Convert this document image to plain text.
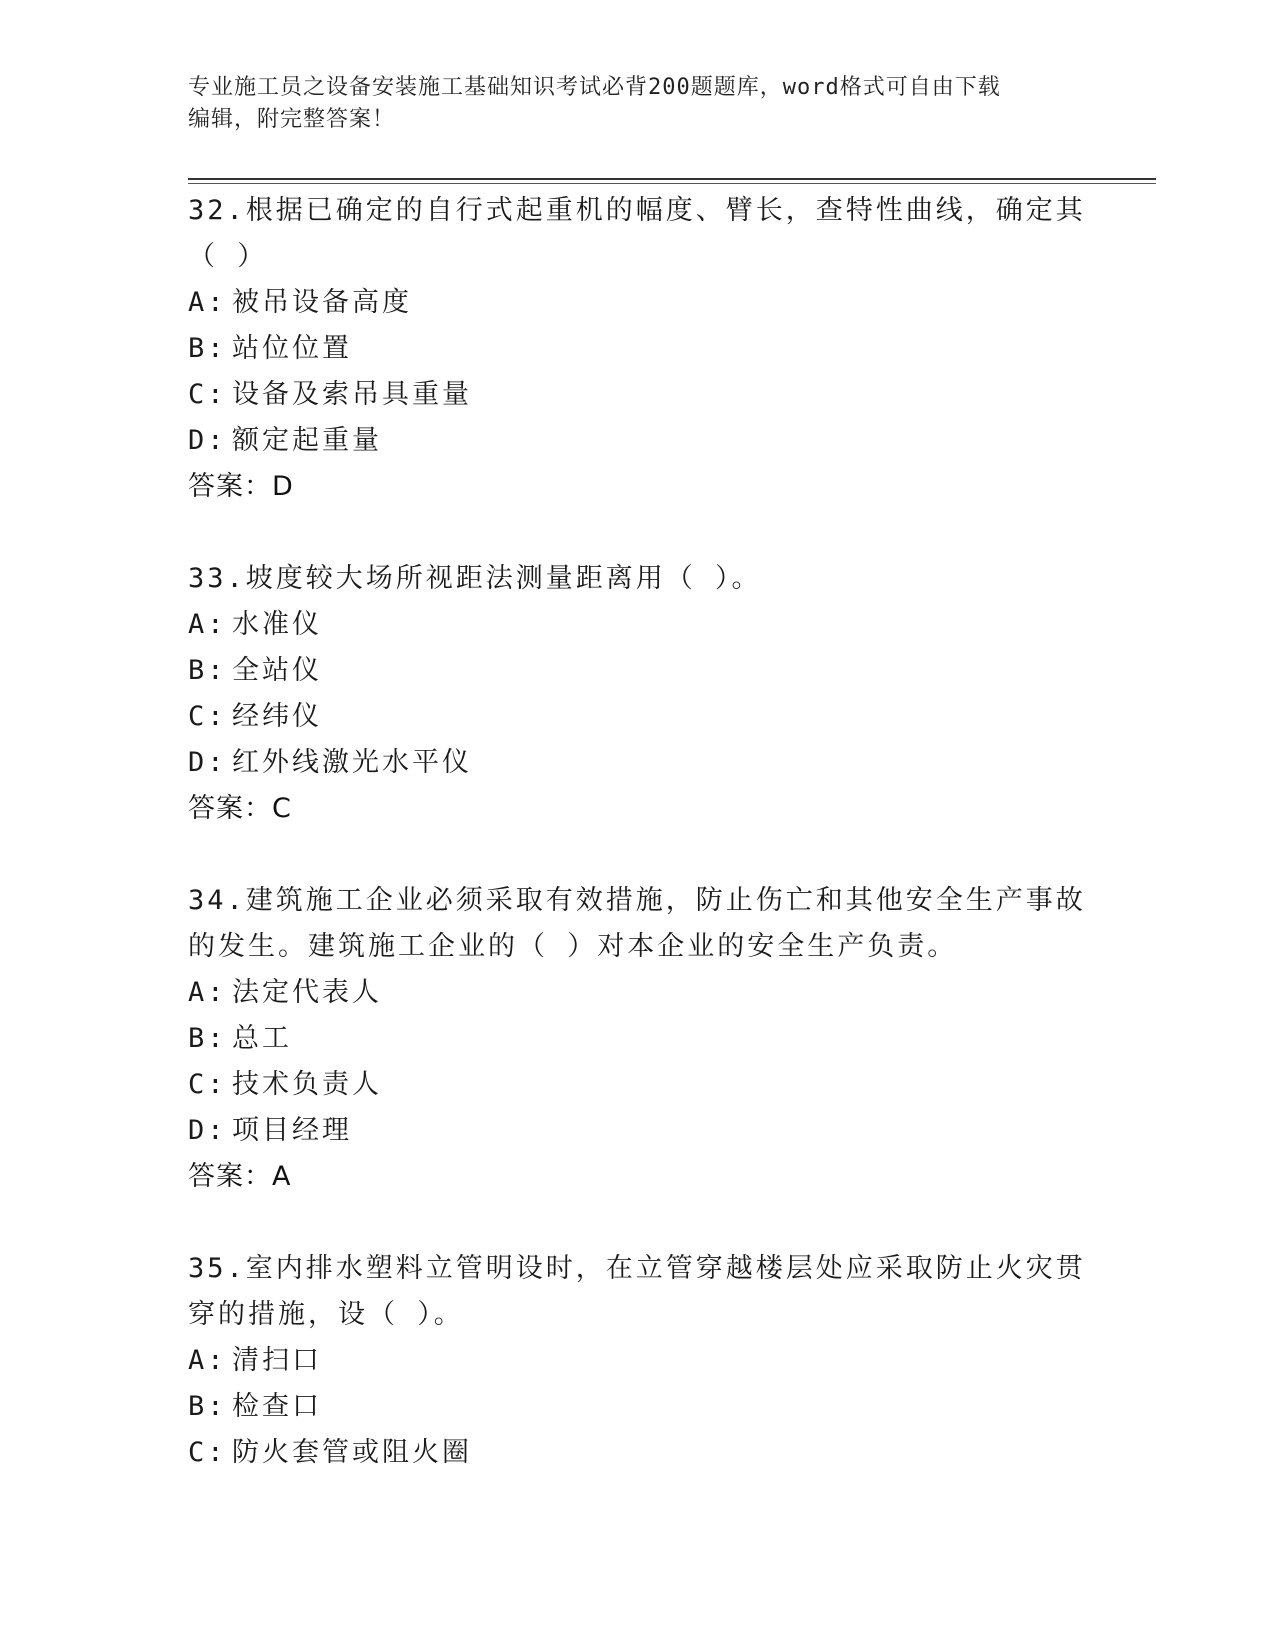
专业施工员之设备安装施工基础知识考试必背200题题库，word格式可自由下载
编辑，附完整答案！

32.根据已确定的自行式起重机的幅度、臂长，查特性曲线，确定其（ ）

A: 被吊设备高度

B: 站位位置

C: 设备及索吊具重量

D: 额定起重量

答案：D

33.坡度较大场所视距法测量距离用（ ）。

A: 水准仪

B: 全站仪

C: 经纬仪

D: 红外线激光水平仪

答案：C

34.建筑施工企业必须采取有效措施，防止伤亡和其他安全生产事故的发生。建筑施工企业的（ ）对本企业的安全生产负责。

A: 法定代表人

B: 总工

C: 技术负责人

D: 项目经理

答案：A

35.室内排水塑料立管明设时，在立管穿越楼层处应采取防止火灾贯穿的措施，设（ ）。

A: 清扫口

B: 检查口

C: 防火套管或阻火圈
